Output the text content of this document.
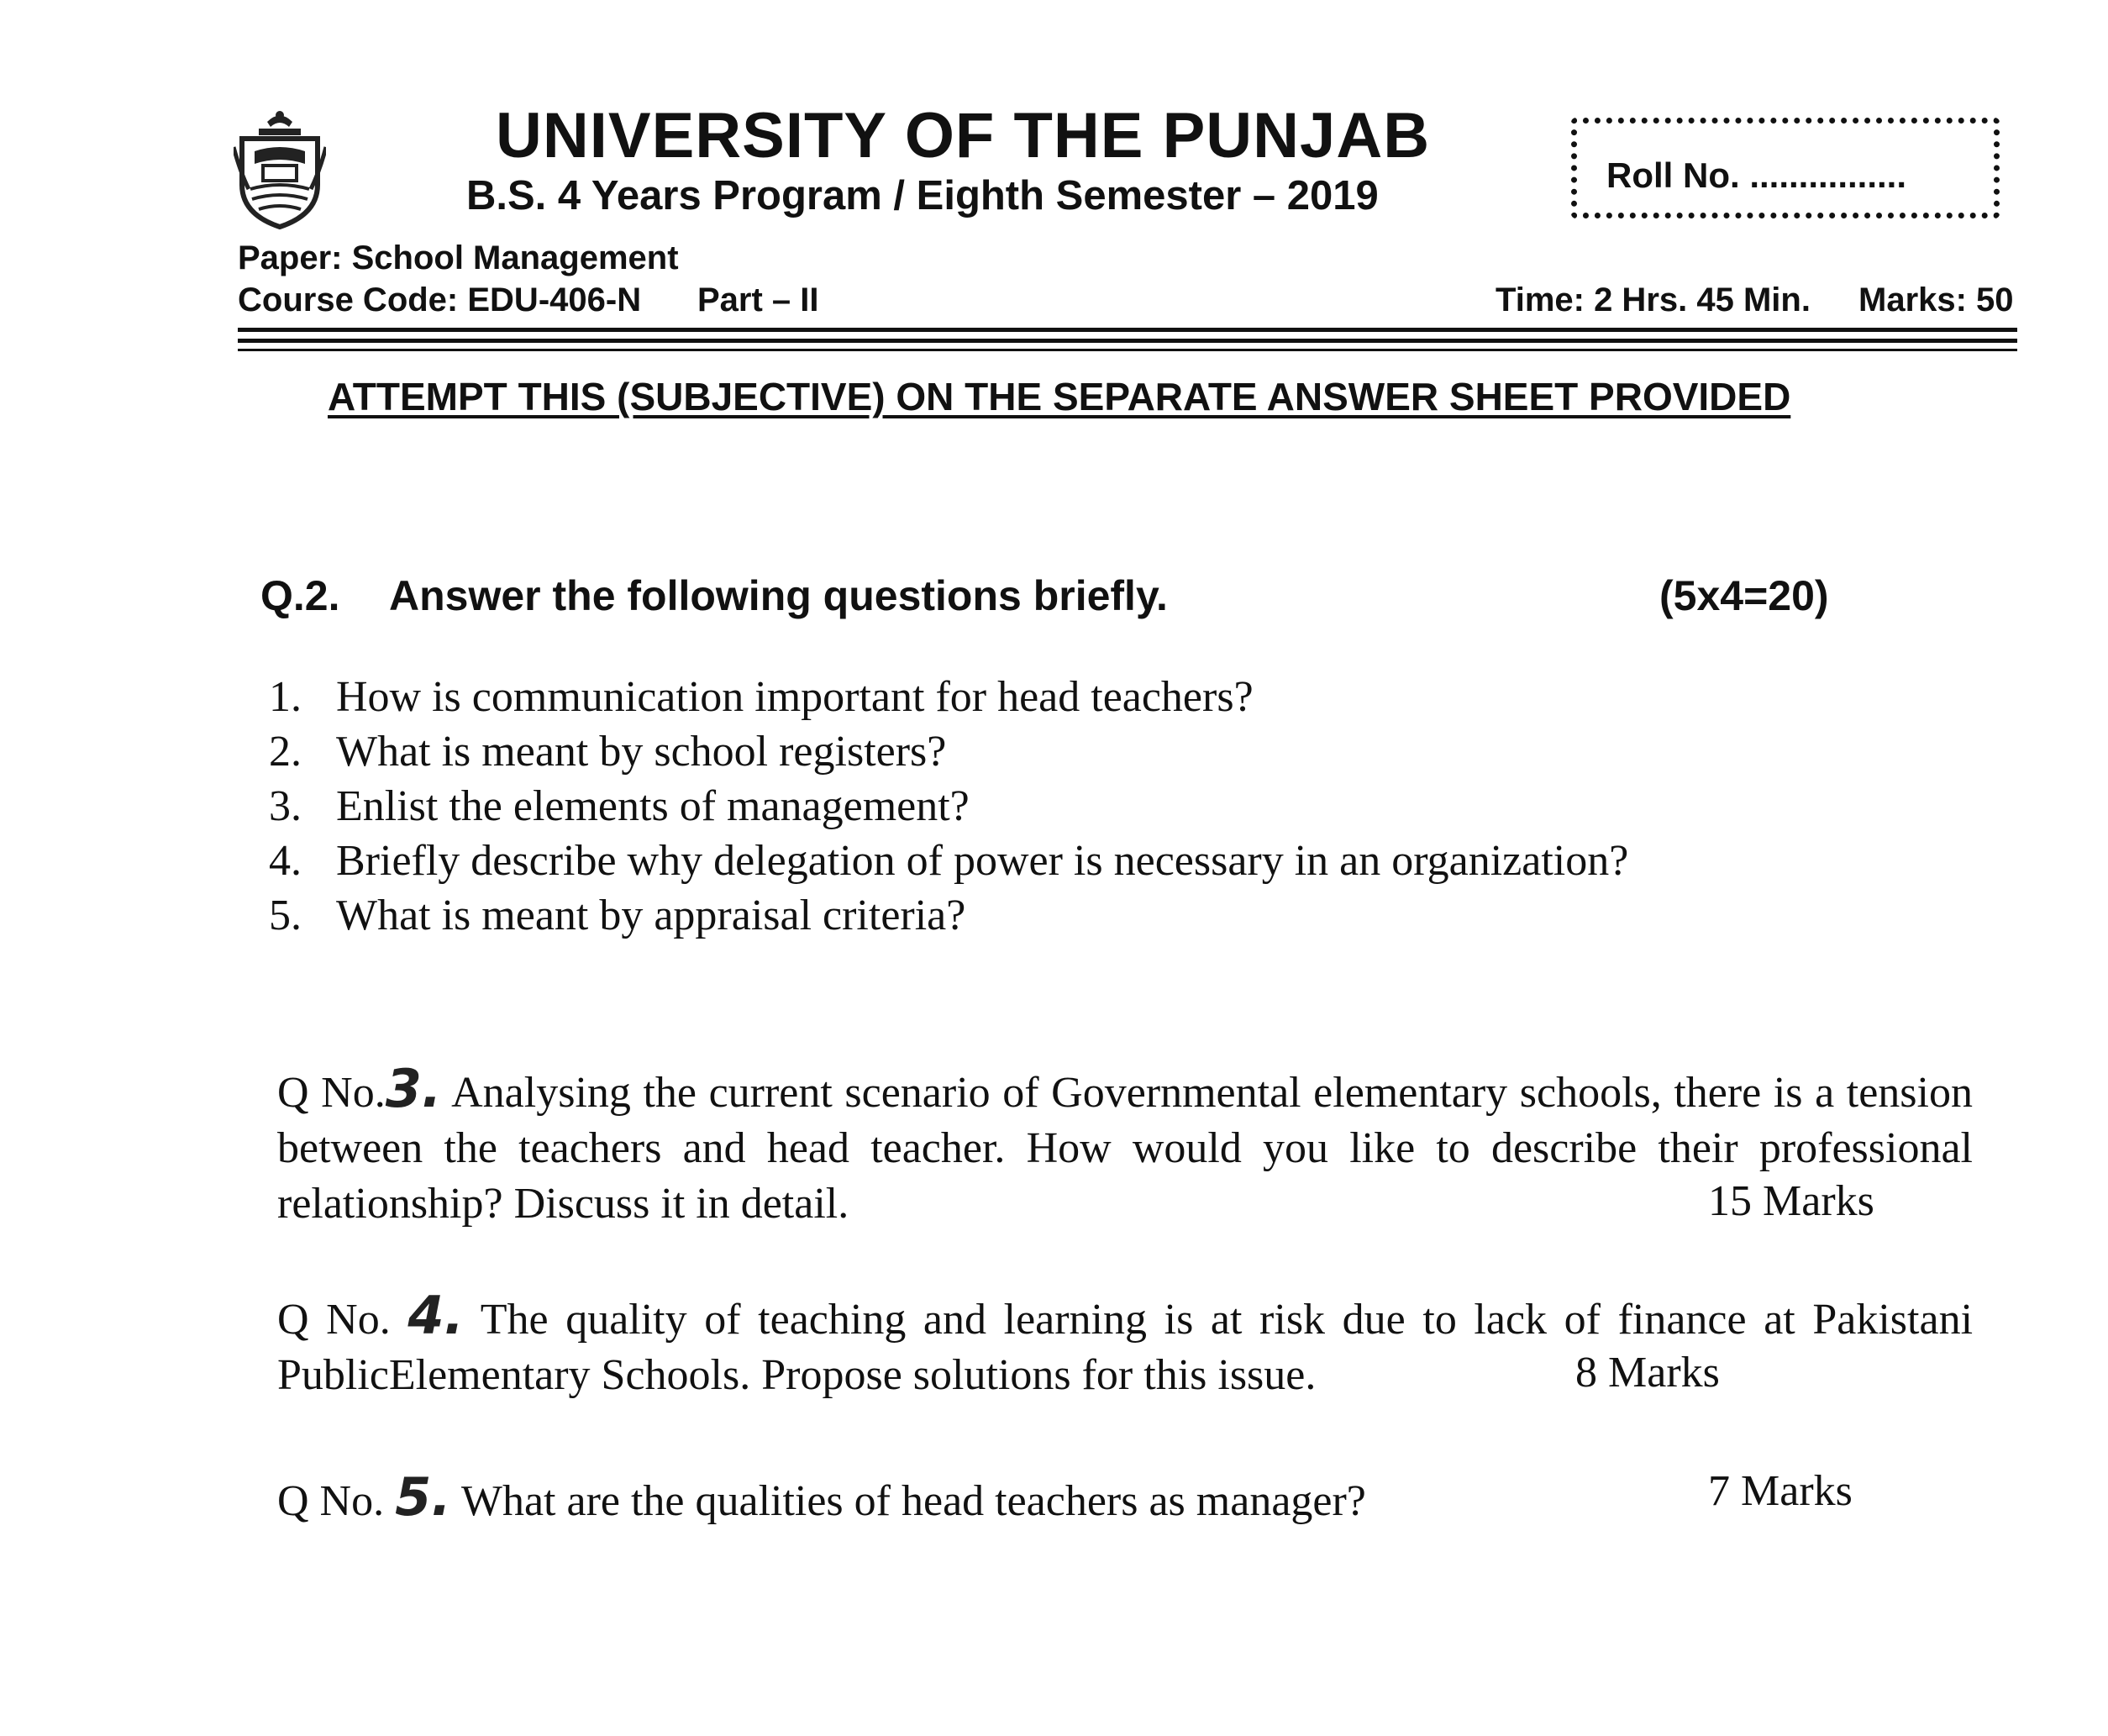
UNIVERSITY OF THE PUNJAB
B.S. 4 Years Program / Eighth Semester – 2019	Roll No. ................
Paper: School Management
Course Code: EDU-406-N Part – II	Time: 2 Hrs. 45 Min. Marks: 50
ATTEMPT THIS (SUBJECTIVE) ON THE SEPARATE ANSWER SHEET PROVIDED
Q.2. Answer the following questions briefly.	(5x4=20)
1. How is communication important for head teachers?
2. What is meant by school registers?
3. Enlist the elements of management?
4. Briefly describe why delegation of power is necessary in an organization?
5. What is meant by appraisal criteria?
Q No.3. Analysing the current scenario of Governmental elementary schools, there is a tension between the teachers and head teacher. How would you like to describe their professional relationship? Discuss it in detail.	15 Marks
Q No. 4. The quality of teaching and learning is at risk due to lack of finance at Pakistani PublicElementary Schools. Propose solutions for this issue.	8 Marks
Q No. 5. What are the qualities of head teachers as manager?	7 Marks
